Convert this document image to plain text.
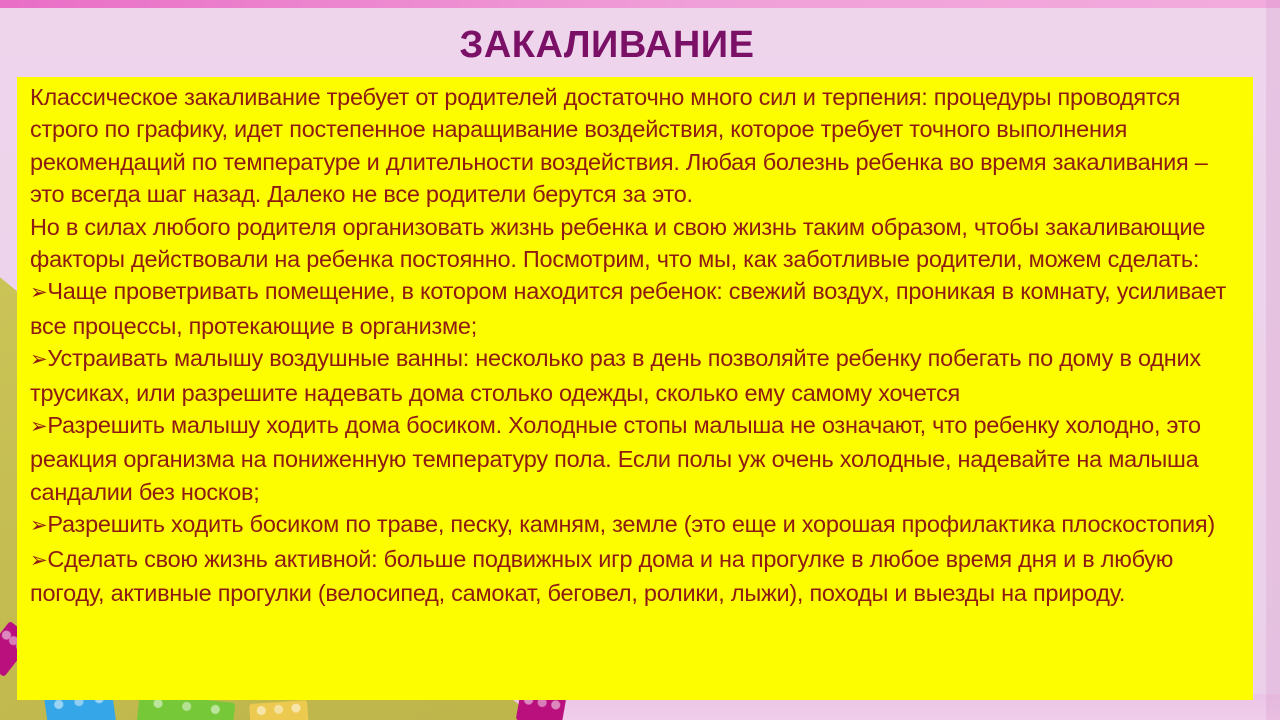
ЗАКАЛИВАНИЕ

Классическое закаливание требует от родителей достаточно много сил и терпения: процедуры проводятся строго по графику, идет постепенное наращивание воздействия, которое требует точного выполнения рекомендаций по температуре и длительности воздействия. Любая болезнь ребенка во время закаливания – это всегда шаг назад. Далеко не все родители берутся за это.

Но в силах любого родителя организовать жизнь ребенка и свою жизнь таким образом, чтобы закаливающие факторы действовали на ребенка постоянно. Посмотрим, что мы, как заботливые родители, можем сделать:

➢Чаще проветривать помещение, в котором находится ребенок: свежий воздух, проникая в комнату, усиливает все процессы, протекающие в организме;

➢Устраивать малышу воздушные ванны: несколько раз в день позволяйте ребенку побегать по дому в одних трусиках, или разрешите надевать дома столько одежды, сколько ему самому хочется

➢Разрешить малышу ходить дома босиком. Холодные стопы малыша не означают, что ребенку холодно, это реакция организма на пониженную температуру пола. Если полы уж очень холодные, надевайте на малыша сандалии без носков;

➢Разрешить ходить босиком по траве, песку, камням, земле (это еще и хорошая профилактика плоскостопия)

➢Сделать свою жизнь активной: больше подвижных игр дома и на прогулке в любое время дня и в любую погоду, активные прогулки (велосипед, самокат, беговел, ролики, лыжи), походы и выезды на природу.
